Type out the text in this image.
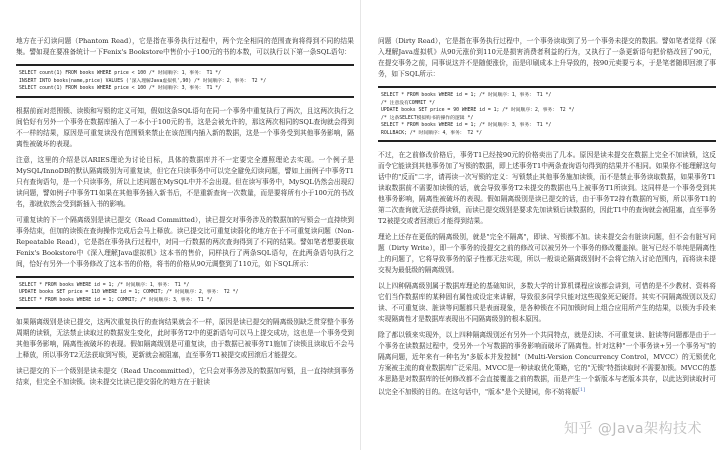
地方在于幻读问题（Phantom Read），它是指在事务执行过程中，两个完全相同的范围查询将得到不同的结果集。譬如现在要准备统计一下Fenix's Bookstore中售价小于100元的书的本数，可以执行以下第一条SQL语句：

SELECT count(1) FROM books WHERE price < 100 /* 时间顺序：1，事务： T1 */
INSERT INTO books(name,price) VALUES ('深入理解Java虚拟机',90) /* 时间顺序：2，事务： T2 */
SELECT count(1) FROM books WHERE price < 100 /* 时间顺序：3，事务： T1 */

根据前面对范围锁、读锁和写锁的定义可知，假如这条SQL语句在同一个事务中重复执行了两次，且这两次执行之间恰好有另外一个事务在数据库插入了一本小于100元的书，这是会被允许的，那这两次相同的SQL查询就会得到不一样的结果，原因是可重复读没有范围锁来禁止在该范围内插入新的数据，这是一个事务受到其他事务影响，隔离性被破坏的表现。

注意，这里的介绍是以ARIES理论为讨论目标，具体的数据库并不一定要完全遵照理论去实现。一个例子是MySQL/InnoDB的默认隔离级别为可重复读，但它在只读事务中可以完全避免幻读问题，譬如上面例子中事务T1只有查询语句，是一个只读事务，所以上述问题在MySQL中并不会出现。但在读写事务中，MySQL仍然会出现幻读问题，譬如例子中事务T1如果在其他事务插入新书后，不是重新查询一次数量，而是要将所有小于100元的书改名，那就依然会受到新插入书的影响。

可重复读的下一个隔离级别是读已提交（Read Committed），读已提交对事务涉及的数据加的写锁会一直持续到事务结束，但加的读锁在查询操作完成后会马上释放。读已提交比可重复读弱化的地方在于不可重复读问题（Non-Repeatable Read），它是指在事务执行过程中，对同一行数据的两次查询得到了不同的结果。譬如笔者想要获取Fenix's Bookstore中《深入理解Java虚拟机》这本书的售价，同样执行了两条SQL语句，在此两条语句执行之间，恰好有另外一个事务修改了这本书的价格，将书的价格从90元调整到了110元，如下SQL所示：

SELECT * FROM books WHERE id = 1; /* 时间顺序：1，事务： T1 */
UPDATE books SET price = 110 WHERE id = 1; COMMIT; /* 时间顺序：2，事务： T2 */
SELECT * FROM books WHERE id = 1; COMMIT; /* 时间顺序：3，事务： T1 */

如果隔离级别是读已提交，这两次重复执行的查询结果就会不一样，原因是读已提交的隔离级别缺乏贯穿整个事务周期的读锁，无法禁止读取过的数据发生变化，此时事务T2中的更新语句可以马上提交成功，这也是一个事务受到其他事务影响，隔离性被破坏的表现。假如隔离级别是可重复读，由于数据已被事务T1施加了读锁且读取后不会马上释放，所以事务T2无法获取到写锁，更新就会被阻塞，直至事务T1被提交或回滚后才能提交。

读已提交的下一个级别是读未提交（Read Uncommitted），它只会对事务涉及的数据加写锁，且一直持续到事务结束，但完全不加读锁。读未提交比读已提交弱化的地方在于脏读

问题（Dirty Read），它是指在事务执行过程中，一个事务读取到了另一个事务未提交的数据。譬如笔者觉得《深入理解Java虚拟机》从90元涨价到110元是损害消费者利益的行为，又执行了一条更新语句把价格改回了90元，在提交事务之前，同事说这并不是随便涨价，而是印刷成本上升导致的，按90元卖要亏本，于是笔者随即回滚了事务，如下SQL所示：

SELECT * FROM books WHERE id = 1; /* 时间顺序：1，事务： T1 */
/* 注意没有COMMIT */
UPDATE books SET price = 90 WHERE id = 1; /* 时间顺序：2，事务： T2 */
/* 这条SELECT模拟购书的操作的逻辑 */
SELECT * FROM books WHERE id = 1; /* 时间顺序：3，事务： T1 */
ROLLBACK; /* 时间顺序：4，事务： T2 */

不过，在之前修改价格后，事务T1已经按90元的价格卖出了几本。原因是读未提交在数据上完全不加读锁，这反而令它能读到其他事务加了写锁的数据，即上述事务T1中两条查询语句得到的结果并不相同。如果你不能理解这句话中的"反而"二字，请再读一次写锁的定义：写锁禁止其他事务施加读锁，而不是禁止事务读取数据，如果事务T1读取数据前不需要加读锁的话，就会导致事务T2未提交的数据也马上被事务T1所读到。这同样是一个事务受到其他事务影响，隔离性被破坏的表现。假如隔离级别是读已提交的话，由于事务T2持有数据的写锁，所以事务T1的第二次查询就无法获得读锁，而读已提交级别是要求先加读锁后读数据的，因此T1中的查询就会被阻塞，直至事务T2被提交或者回滚后才能得到结果。

理论上还存在更低的隔离级别，就是"完全不隔离"，即读、写锁都不加。读未提交会有脏读问题，但不会有脏写问题（Dirty Write），即一个事务的没提交之前的修改可以被另外一个事务的修改覆盖掉。脏写已经不单纯是隔离性上的问题了，它将导致事务的原子性都无法实现，所以一般谈论隔离级别时不会将它纳入讨论范围内，而将读未提交视为最低级的隔离级别。

以上四种隔离级别属于数据库理论的基础知识，多数大学的计算机课程应该都会讲到，可惜的是不少教材、资料将它们当作数据库的某种固有属性或设定来讲解，导致很多同学只能对这些现象死记硬背。其实不同隔离级别以及幻读、不可重复读、脏读等问题都只是表面现象，是各种锁在不同加锁时间上组合应用所产生的结果，以锁为手段来实现隔离性才是数据库表现出不同隔离级别的根本原因。

除了都以锁来实现外，以上四种隔离级别还有另外一个共同特点，就是幻读、不可重复读、脏读等问题都是由于一个事务在读数据过程中，受另外一个写数据的事务影响而破坏了隔离性。针对这种"一个事务读+另一个事务写"的隔离问题，近年来有一种名为"多版本并发控制"（Multi-Version Concurrency Control，MVCC）的无锁优化方案被主流的商业数据库广泛采用。MVCC是一种读取优化策略，它的"无锁"特指读取时不需要加锁。MVCC的基本思路是对数据库的任何修改都不会直接覆盖之前的数据，而是产生一个新版本与老版本共存，以此达到读取时可以完全不加锁的目的。在这句话中，"版本"是个关键词，你不妨将版[1]

知乎 @Java架构技术
